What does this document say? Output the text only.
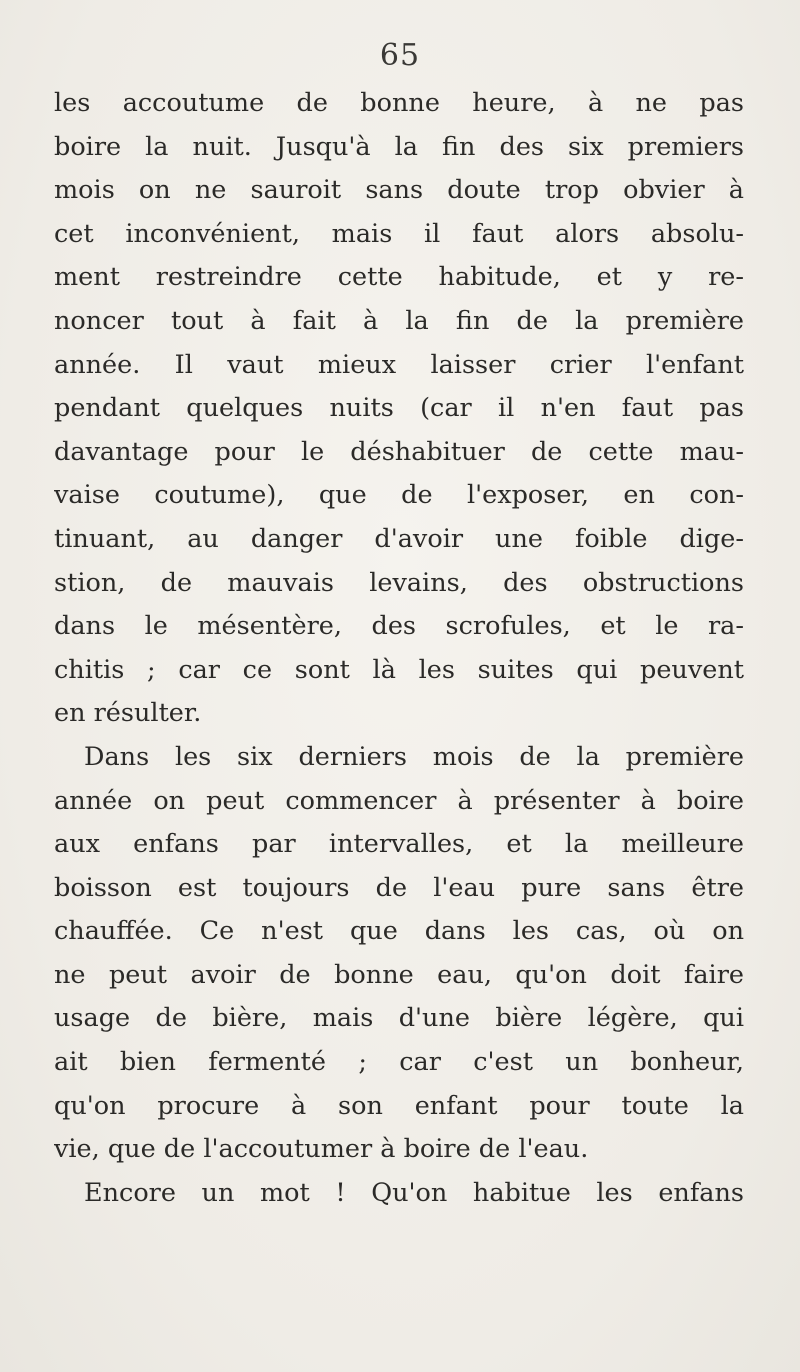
65
les accoutume de bonne heure, à ne pas
boire la nuit. Jusqu'à la fin des six premiers
mois on ne sauroit sans doute trop obvier à
cet inconvénient, mais il faut alors absolu-
ment restreindre cette habitude, et y re-
noncer tout à fait à la fin de la première
année. Il vaut mieux laisser crier l'enfant
pendant quelques nuits (car il n'en faut pas
davantage pour le déshabituer de cette mau-
vaise coutume), que de l'exposer, en con-
tinuant, au danger d'avoir une foible dige-
stion, de mauvais levains, des obstructions
dans le mésentère, des scrofules, et le ra-
chitis ; car ce sont là les suites qui peuvent
en résulter.
Dans les six derniers mois de la première
année on peut commencer à présenter à boire
aux enfans par intervalles, et la meilleure
boisson est toujours de l'eau pure sans être
chauffée. Ce n'est que dans les cas, où on
ne peut avoir de bonne eau, qu'on doit faire
usage de bière, mais d'une bière légère, qui
ait bien fermenté ; car c'est un bonheur,
qu'on procure à son enfant pour toute la
vie, que de l'accoutumer à boire de l'eau.
Encore un mot ! Qu'on habitue les enfans
